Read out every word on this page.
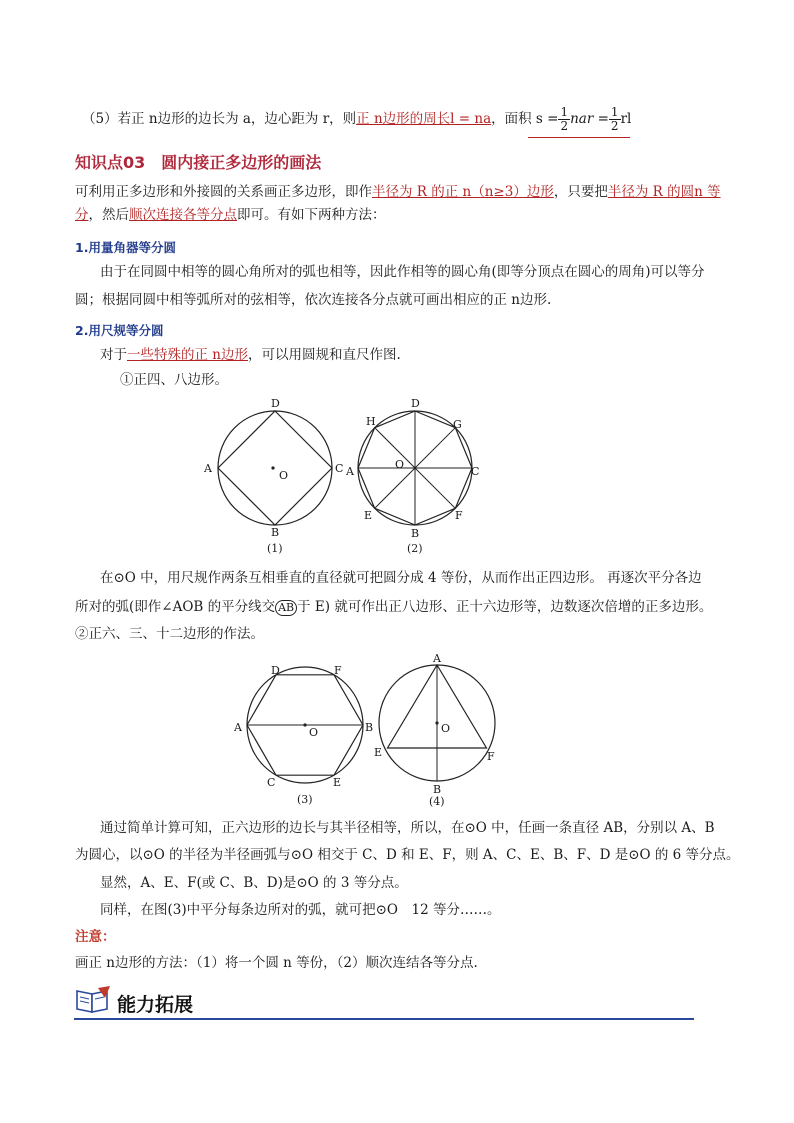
（5）若正 n边形的边长为 a，边心距为 r，则正 n边形的周长l = na，面积 $s = \frac{1}{2}$ nar = $\frac{1}{2}$ rl
知识点03　圆内接正多边形的画法
可利用正多边形和外接圆的关系画正多边形，即作半径为 R 的正 n（n≥3）边形，只要把半径为 R 的圆n 等
分，然后顺次连接各等分点即可。有如下两种方法：
1.用量角器等分圆
由于在同圆中相等的圆心角所对的弧也相等，因此作相等的圆心角(即等分顶点在圆心的周角)可以等分
圆；根据同圆中相等弧所对的弦相等，依次连接各分点就可画出相应的正 n边形.
2.用尺规等分圆
对于一些特殊的正 n边形，可以用圆规和直尺作图.
①正四、八边形。
D
A	C
B
O
(1)
D
H	G
A	C
O
E	F
B
(2)
在⊙O 中，用尺规作两条互相垂直的直径就可把圆分成 4 等份，从而作出正四边形。 再逐次平分各边
所对的弧(即作∠AOB 的平分线交 AB 于 E) 就可作出正八边形、正十六边形等，边数逐次倍增的正多边形。
②正六、三、十二边形的作法。
D	F
A	B
O
C	E
(3)
A
O
E	F
B
(4)
通过简单计算可知，正六边形的边长与其半径相等，所以，在⊙O 中，任画一条直径 AB，分别以 A、B
为圆心，以⊙O 的半径为半径画弧与⊙O 相交于 C、D 和 E、F，则 A、C、E、B、F、D 是⊙O 的 6 等分点。
显然，A、E、F(或 C、B、D)是⊙O 的 3 等分点。
同样，在图(3)中平分每条边所对的弧，就可把⊙O　12 等分……。
注意：
画正 n边形的方法：（1）将一个圆 n 等份，（2）顺次连结各等分点.
能力拓展
